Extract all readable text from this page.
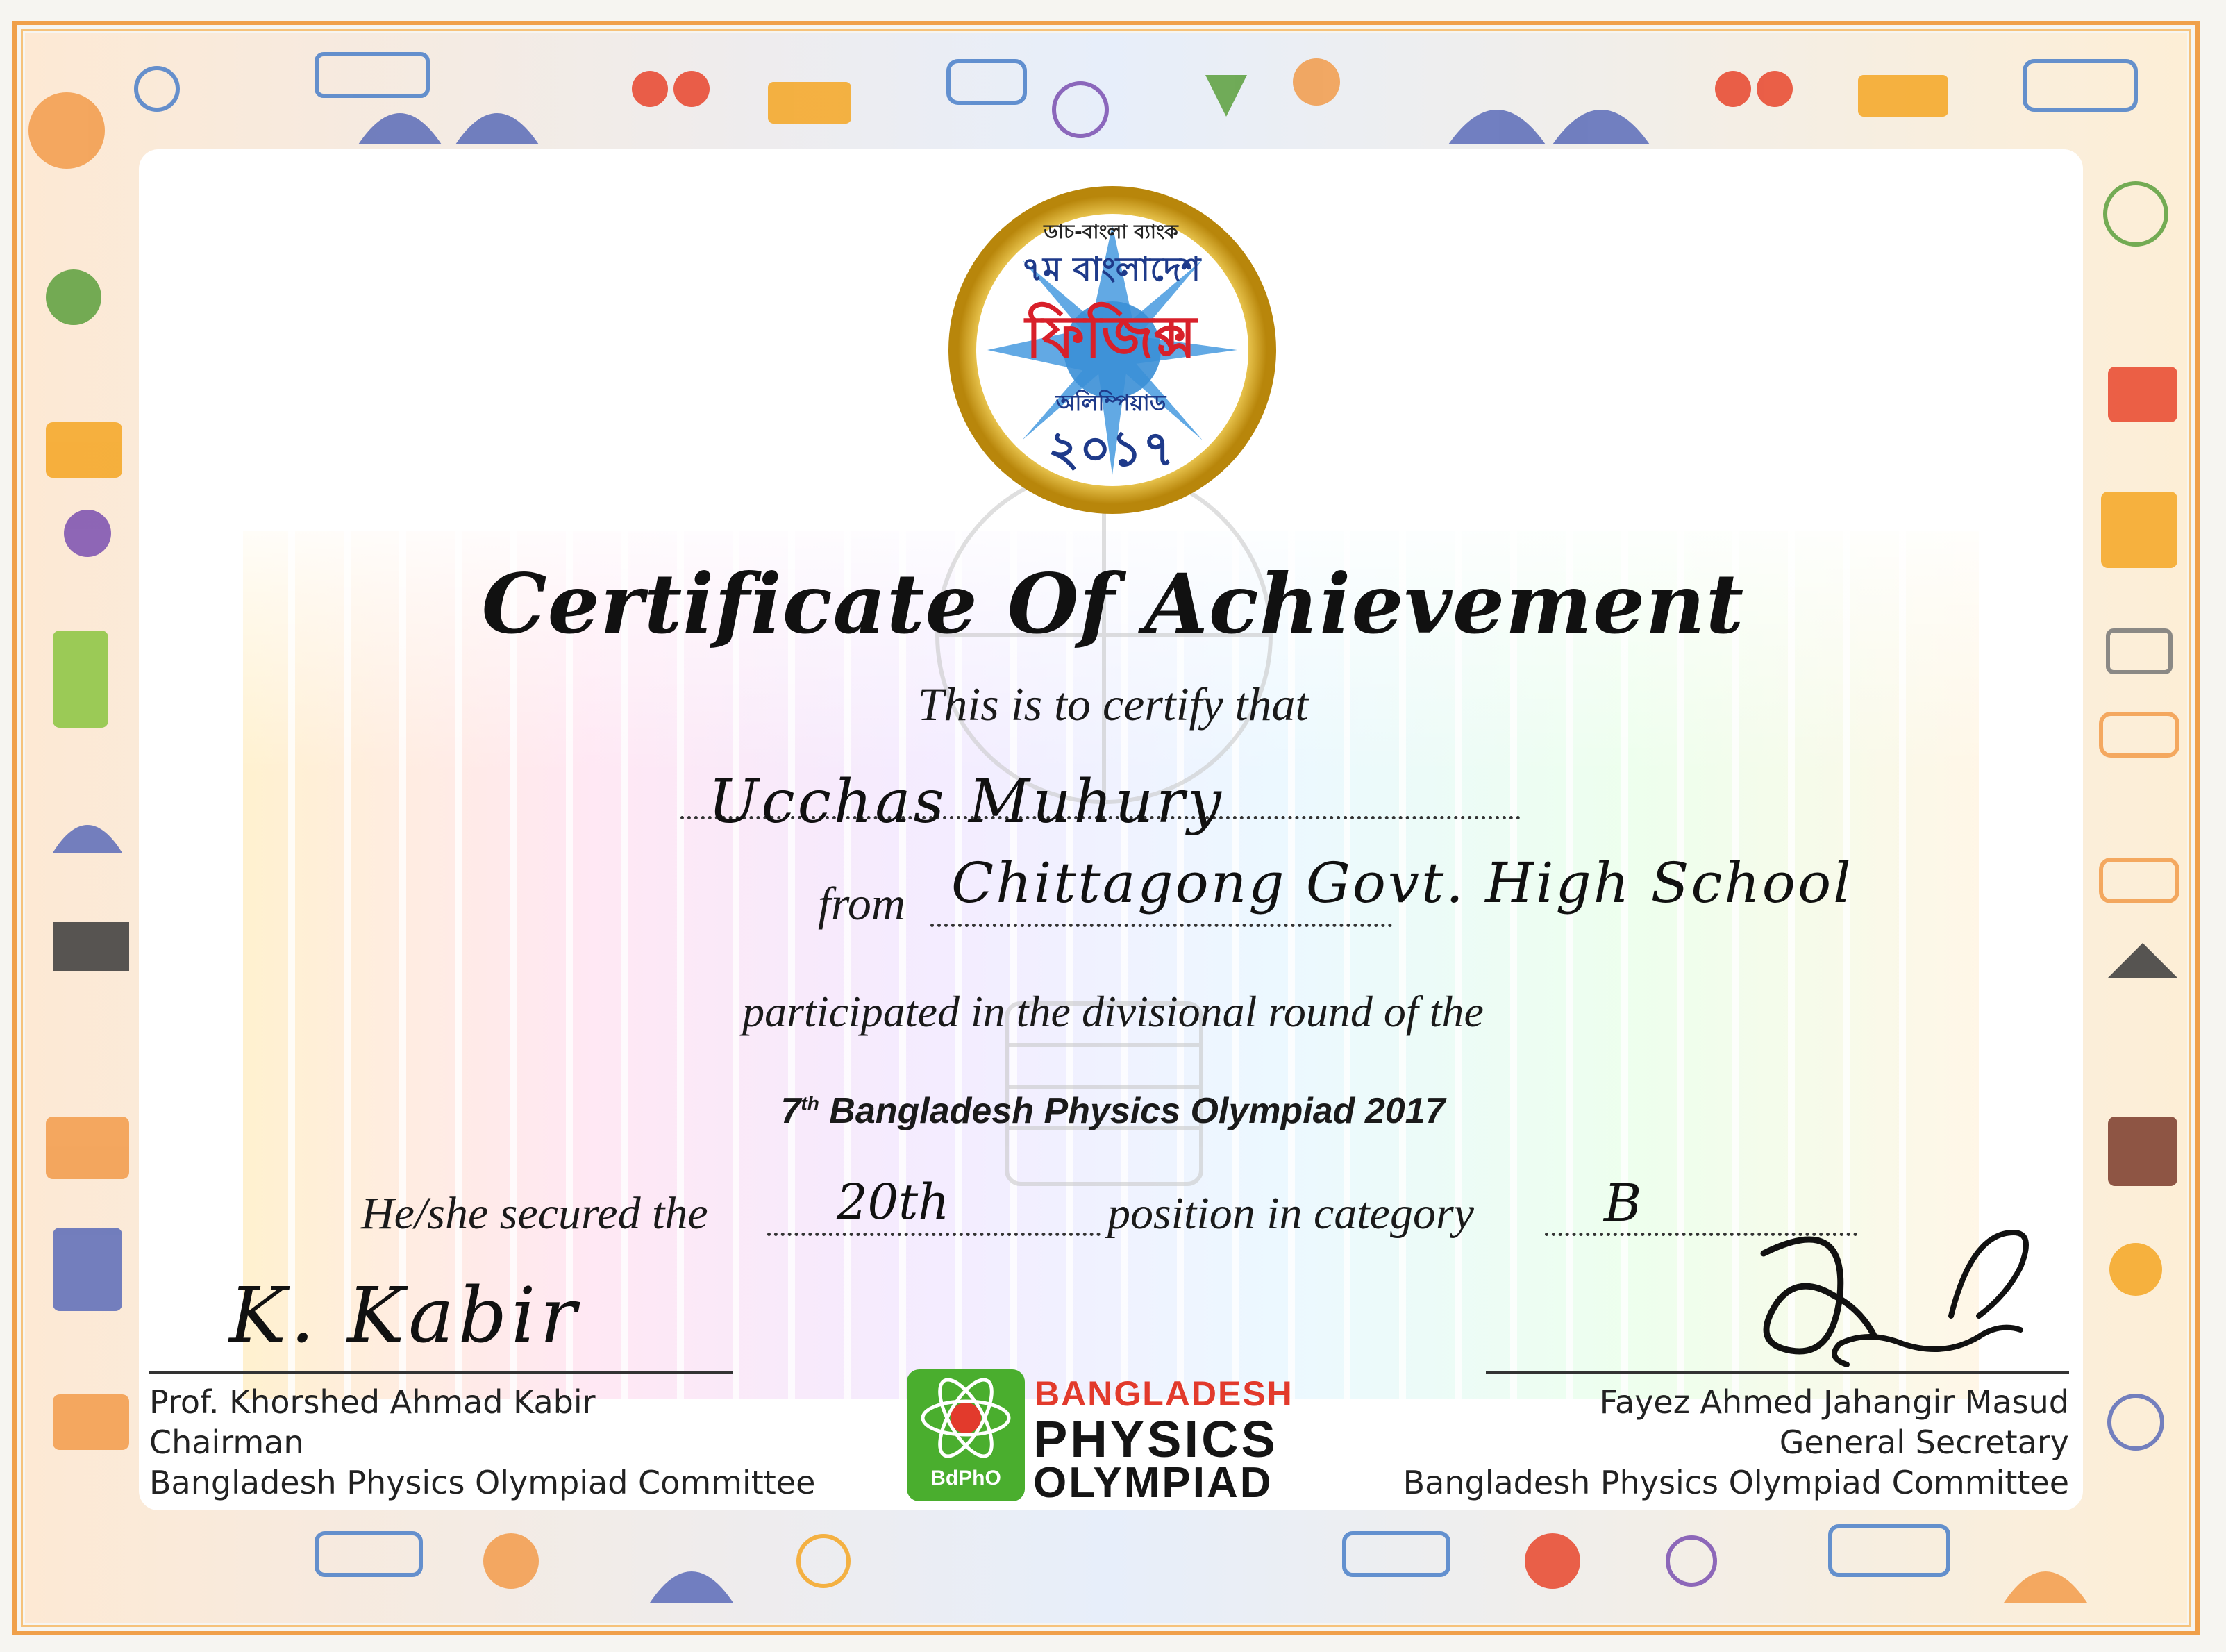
ডাচ-বাংলা ব্যাংক
৭ম বাংলাদেশ
ফিজিক্স
অলিম্পিয়াড
২০১৭
Certificate Of Achievement
This is to certify that
Ucchas Muhury
from Chittagong Govt. High School
participated in the divisional round of the
7th Bangladesh Physics Olympiad 2017
He/she secured the	20th	position in category	B
K. Kabir
Prof. Khorshed Ahmad Kabir
Chairman
Bangladesh Physics Olympiad Committee
Fayez Ahmed Jahangir Masud
General Secretary
Bangladesh Physics Olympiad Committee
BdPhO
BANGLADESH
PHYSICS
OLYMPIAD
